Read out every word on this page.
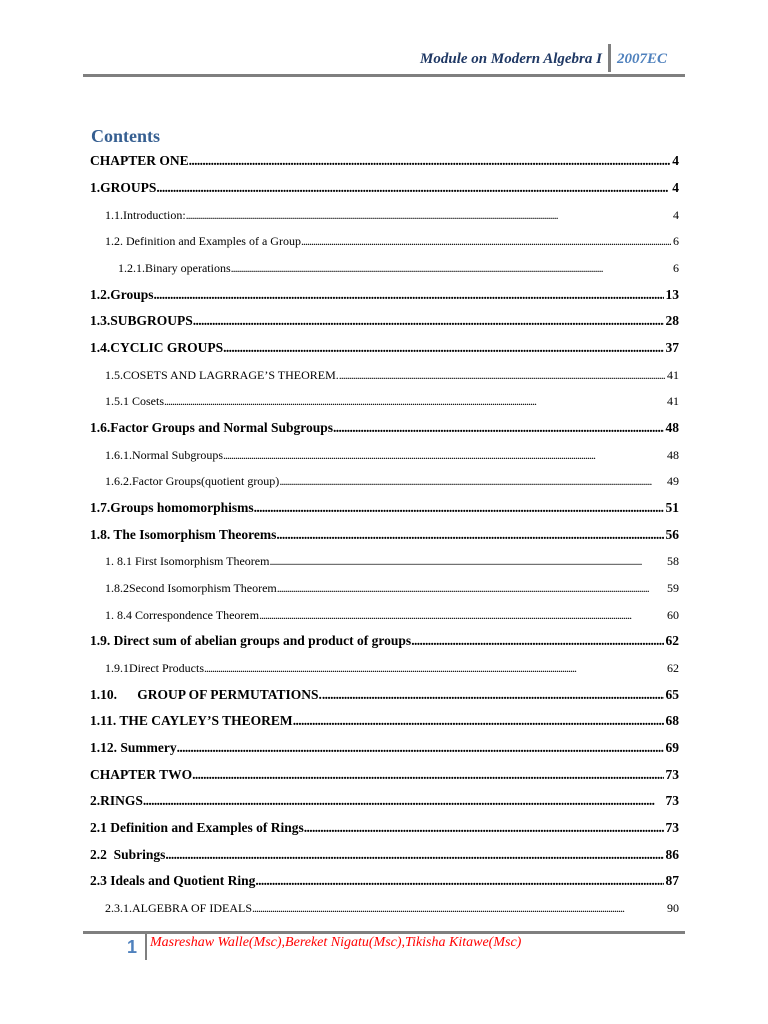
Module on Modern Algebra I 2007EC
Contents
CHAPTER ONE . . .	4
1.GROUPS . . .	4
1.1.Introduction: . . .	4
1.2. Definition and Examples of a Group . . .	6
1.2.1.Binary operations . . .	6
1.2.Groups . . .	13
1.3.SUBGROUPS . . .	28
1.4.CYCLIC GROUPS . . .	37
1.5.COSETS AND LAGRRAGE’S THEOREM. . . .	41
1.5.1 Cosets . . .	41
1.6.Factor Groups and Normal Subgroups . . .	48
1.6.1.Normal Subgroups . . .	48
1.6.2.Factor Groups(quotient group) . . .	49
1.7.Groups homomorphisms . . .	51
1.8. The Isomorphism Theorems . . .	56
1. 8.1 First Isomorphism Theorem . . .	58
1.8.2Second Isomorphism Theorem . . .	59
1. 8.4 Correspondence Theorem . . .	60
1.9. Direct sum of abelian groups and product of groups . . .	62
1.9.1Direct Products . . .	62
1.10.      GROUP OF PERMUTATIONS. . . .	65
1.11. THE CAYLEY’S THEOREM . . .	68
1.12. Summery . . .	69
CHAPTER TWO . . .	73
2.RINGS . . .	73
2.1 Definition and Examples of Rings . . .	73
2.2  Subrings . . .	86
2.3 Ideals and Quotient Ring . . .	87
2.3.1.ALGEBRA OF IDEALS . . .	90
1 Masreshaw Walle(Msc),Bereket Nigatu(Msc),Tikisha Kitawe(Msc)
